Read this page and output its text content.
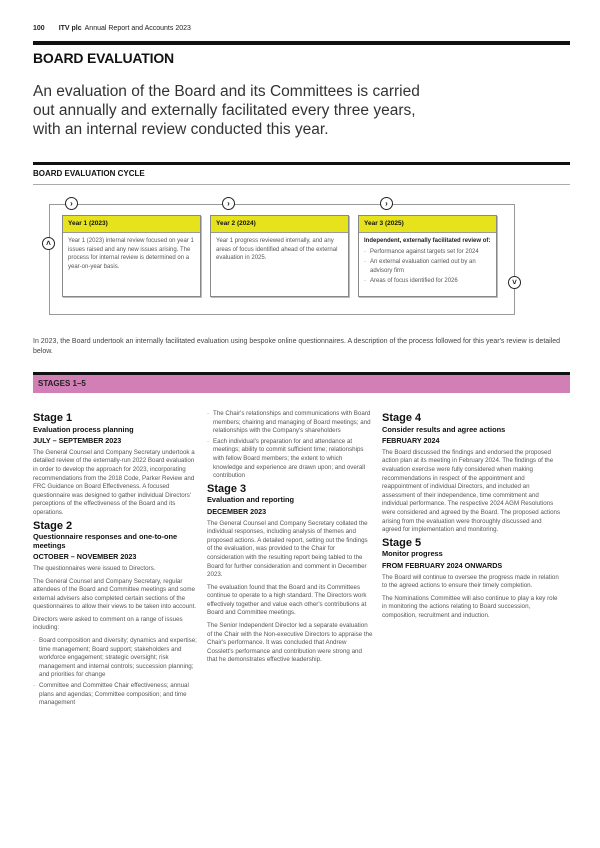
100 ITV plc Annual Report and Accounts 2023
BOARD EVALUATION
An evaluation of the Board and its Committees is carried out annually and externally facilitated every three years, with an internal review conducted this year.
BOARD EVALUATION CYCLE
›	›	›
˄
˅
Year 1 (2023)
Year 1 (2023) internal review focused on year 1 issues raised and any new issues arising. The process for internal review is determined on a year-on-year basis.
Year 2 (2024)
Year 1 progress reviewed internally, and any areas of focus identified ahead of the external evaluation in 2025.
Year 3 (2025)
Independent, externally facilitated review of:
· Performance against targets set for 2024
· An external evaluation carried out by an advisory firm
· Areas of focus identified for 2026
In 2023, the Board undertook an internally facilitated evaluation using bespoke online questionnaires. A description of the process followed for this year's review is detailed below.
STAGES 1–5
Stage 1
Evaluation process planning
JULY – SEPTEMBER 2023

The General Counsel and Company Secretary undertook a detailed review of the externally-run 2022 Board evaluation in order to develop the approach for 2023, incorporating recommendations from the 2018 Code, Parker Review and FRC Guidance on Board Effectiveness. A focused questionnaire was designed to gather individual Directors' perceptions of the effectiveness of the Board and its operations.

Stage 2
Questionnaire responses and one-to-one meetings
OCTOBER – NOVEMBER 2023

The questionnaires were issued to Directors.

The General Counsel and Company Secretary, regular attendees of the Board and Committee meetings and some external advisers also completed certain sections of the questionnaires to allow their views to be taken into account.

Directors were asked to comment on a range of issues including:

· Board composition and diversity; dynamics and expertise; time management; Board support; stakeholders and workforce engagement; strategic oversight; risk management and internal controls; succession planning; and priorities for change
· Committee and Committee Chair effectiveness; annual plans and agendas; Committee composition; and time management
· The Chair's relationships and communications with Board members; chairing and managing of Board meetings; and relationships with the Company's shareholders
· Each individual's preparation for and attendance at meetings; ability to commit sufficient time; relationships with fellow Board members; the extent to which knowledge and experience are drawn upon; and overall contribution
Stage 3
Evaluation and reporting
DECEMBER 2023

The General Counsel and Company Secretary collated the individual responses, including analysis of themes and proposed actions. A detailed report, setting out the findings of the evaluation, was provided to the Chair for consideration with the resulting report being tabled to the Board for further consideration and comment in December 2023.

The evaluation found that the Board and its Committees continue to operate to a high standard. The Directors work effectively together and value each other's contributions at Board and Committee meetings.

The Senior Independent Director led a separate evaluation of the Chair with the Non-executive Directors to appraise the Chair's performance. It was concluded that Andrew Cosslett's performance and contribution were strong and that he demonstrates effective leadership.

Stage 4
Consider results and agree actions
FEBRUARY 2024

The Board discussed the findings and endorsed the proposed action plan at its meeting in February 2024. The findings of the evaluation exercise were fully considered when making recommendations in respect of the appointment and reappointment of individual Directors, and included an assessment of their independence, time commitment and individual performance. The respective 2024 AGM Resolutions were considered and agreed by the Board. The proposed actions arising from the evaluation were thoroughly discussed and agreed for implementation and monitoring.

Stage 5
Monitor progress
FROM FEBRUARY 2024 ONWARDS

The Board will continue to oversee the progress made in relation to the agreed actions to ensure their timely completion.

The Nominations Committee will also continue to play a key role in monitoring the actions relating to Board succession, composition, recruitment and induction.
